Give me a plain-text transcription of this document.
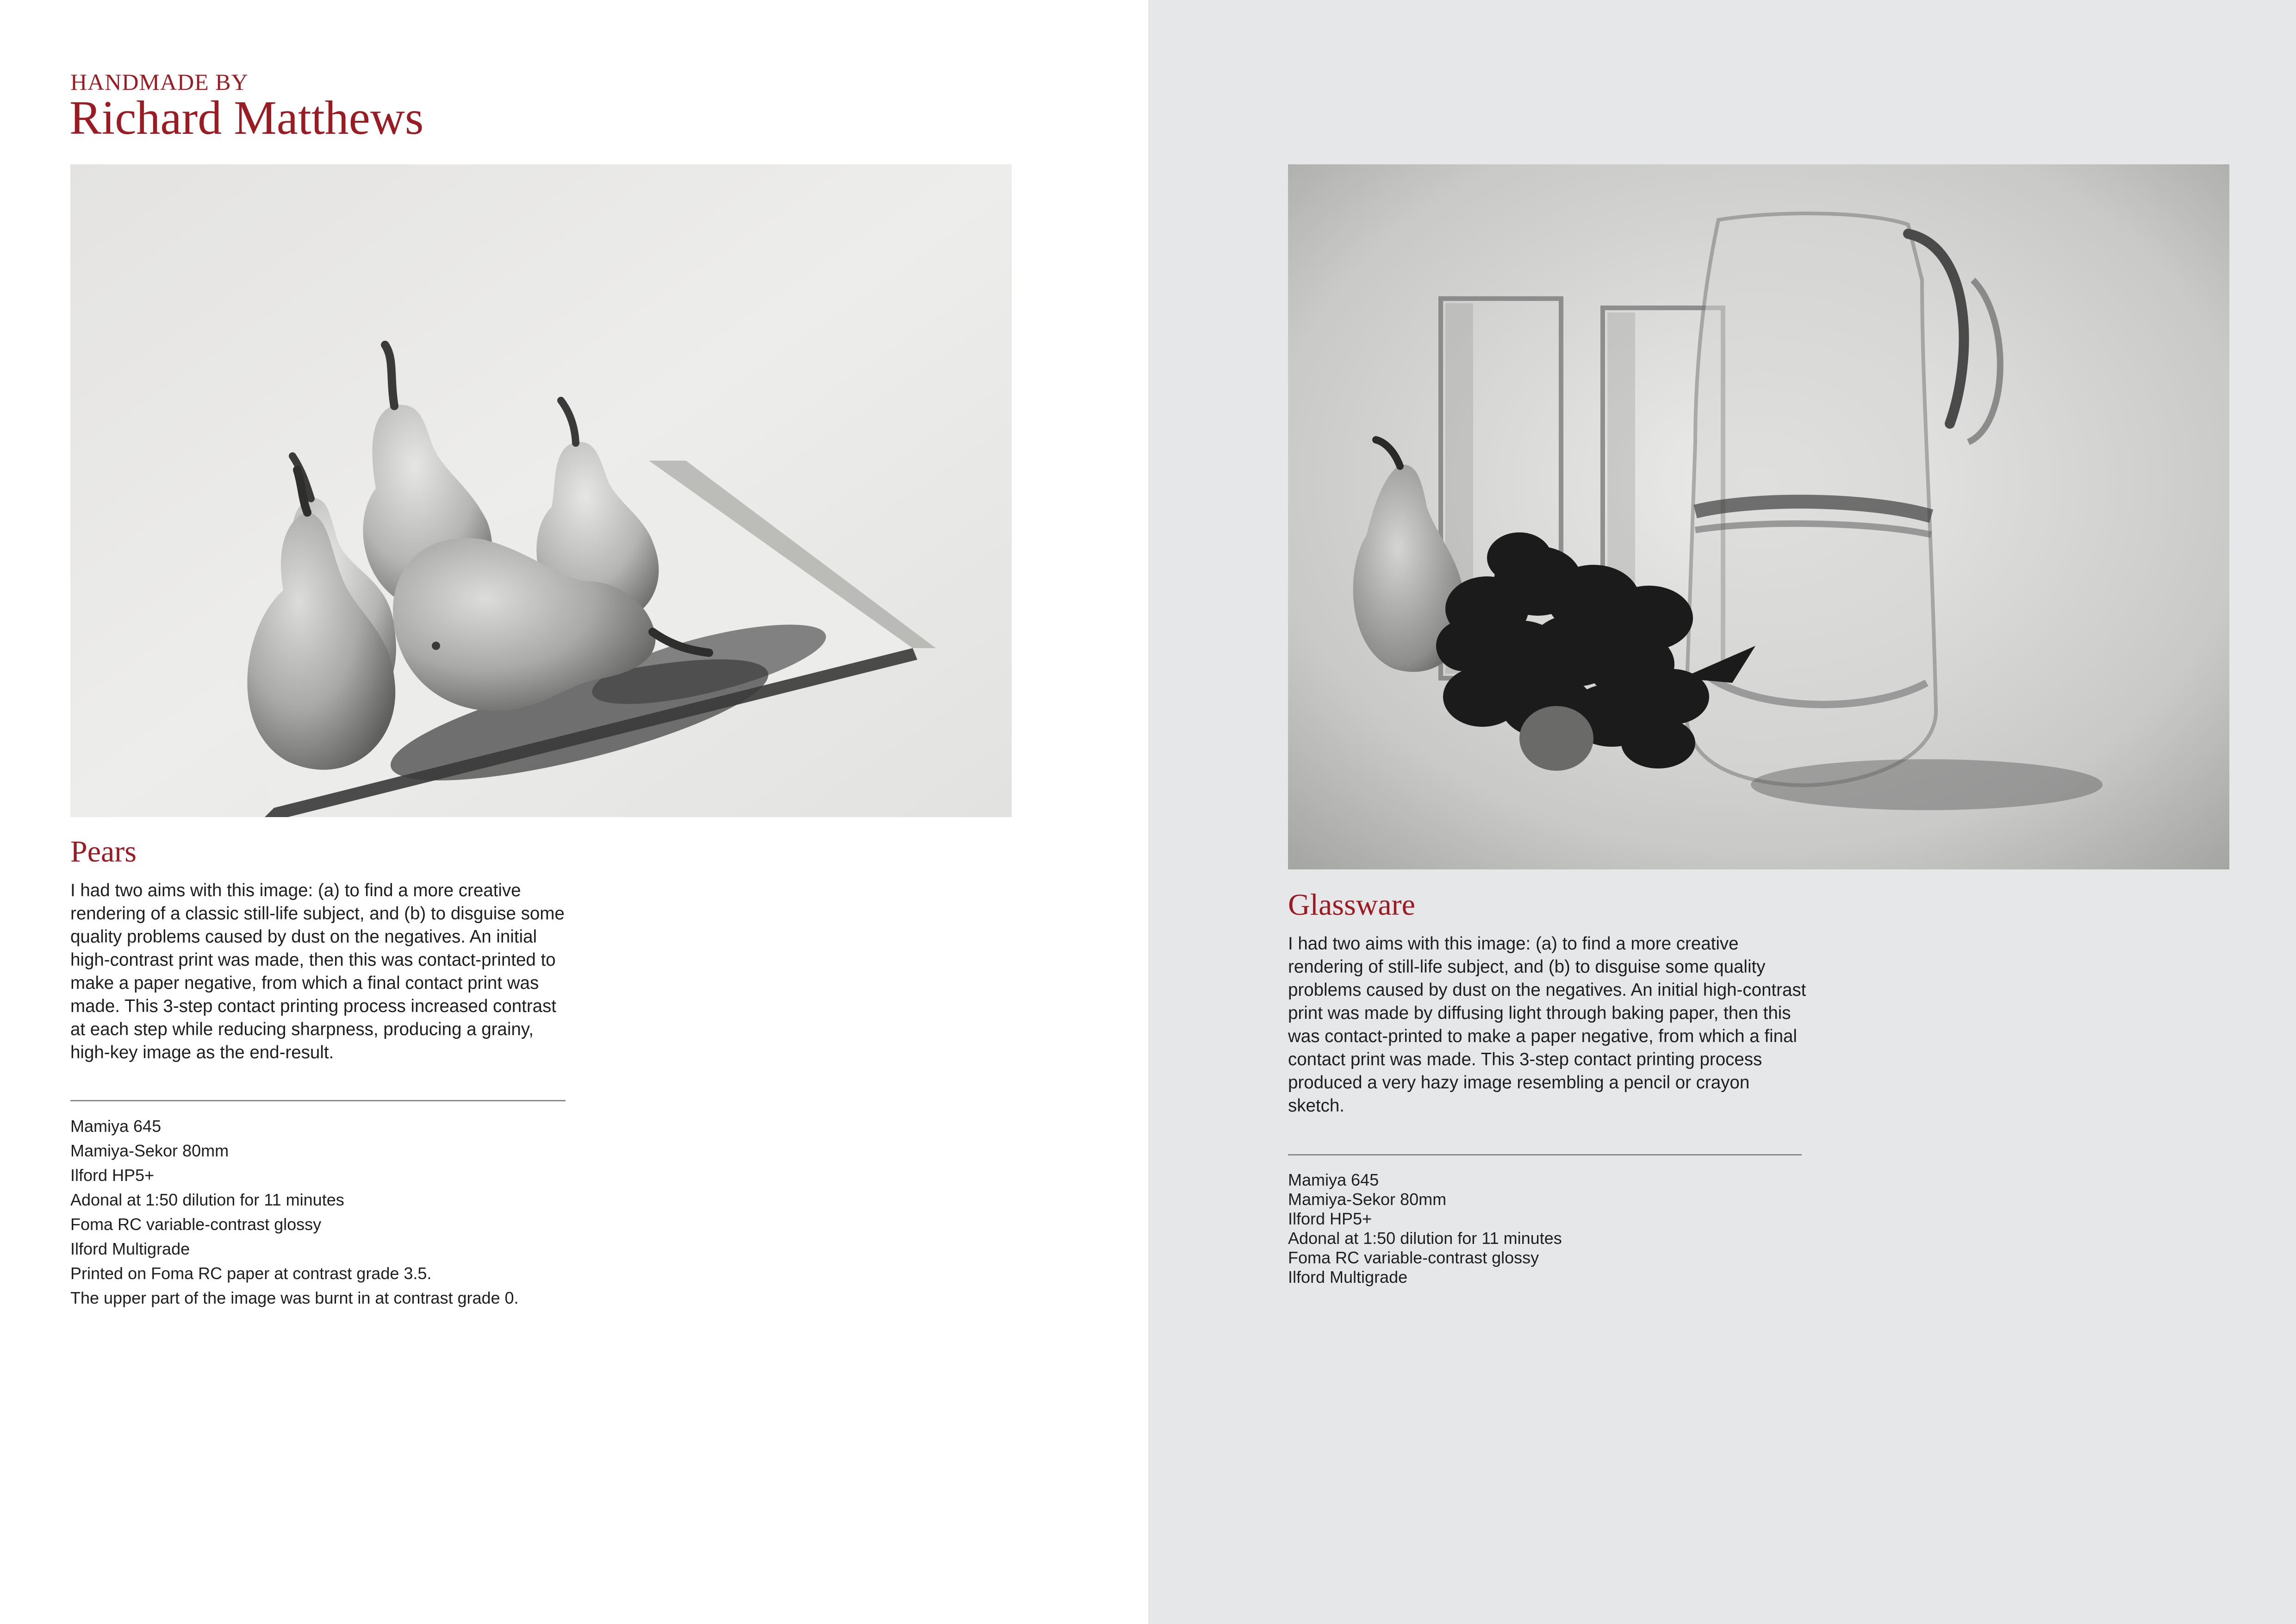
HANDMADE BY
Richard Matthews
Pears

I had two aims with this image: (a) to find a more creative rendering of a classic still-life subject, and (b) to disguise some quality problems caused by dust on the negatives. An initial high-contrast print was made, then this was contact-printed to make a paper negative, from which a final contact print was made. This 3-step contact printing process increased contrast at each step while reducing sharpness, producing a grainy, high-key image as the end-result.

Mamiya 645
Mamiya-Sekor 80mm
Ilford HP5+
Adonal at 1:50 dilution for 11 minutes
Foma RC variable-contrast glossy
Ilford Multigrade
Printed on Foma RC paper at contrast grade 3.5.
The upper part of the image was burnt in at contrast grade 0.
Glassware

I had two aims with this image: (a) to find a more creative rendering of still-life subject, and (b) to disguise some quality problems caused by dust on the negatives. An initial high-contrast print was made by diffusing light through baking paper, then this was contact-printed to make a paper negative, from which a final contact print was made. This 3-step contact printing process produced a very hazy image resembling a pencil or crayon sketch.

Mamiya 645
Mamiya-Sekor 80mm
Ilford HP5+
Adonal at 1:50 dilution for 11 minutes
Foma RC variable-contrast glossy
Ilford Multigrade
